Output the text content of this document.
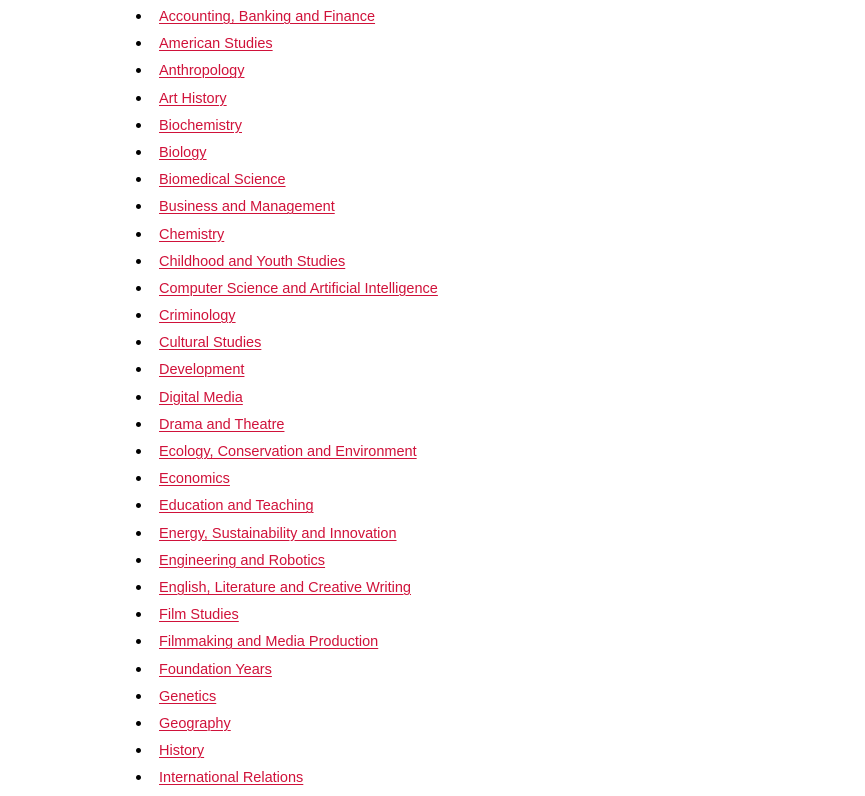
Accounting, Banking and Finance
American Studies
Anthropology
Art History
Biochemistry
Biology
Biomedical Science
Business and Management
Chemistry
Childhood and Youth Studies
Computer Science and Artificial Intelligence
Criminology
Cultural Studies
Development
Digital Media
Drama and Theatre
Ecology, Conservation and Environment
Economics
Education and Teaching
Energy, Sustainability and Innovation
Engineering and Robotics
English, Literature and Creative Writing
Film Studies
Filmmaking and Media Production
Foundation Years
Genetics
Geography
History
International Relations
